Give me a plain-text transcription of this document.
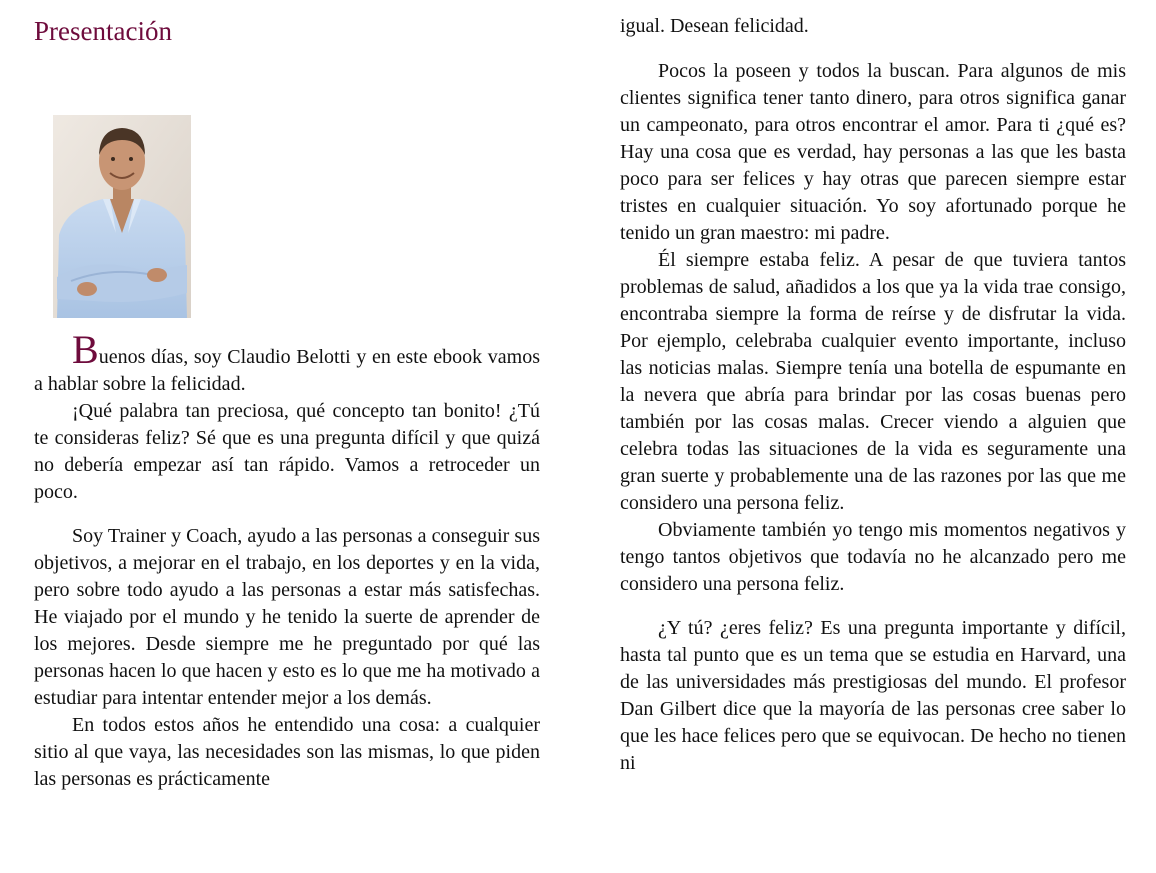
Presentación

Buenos días, soy Claudio Belotti y en este ebook vamos a hablar sobre la felicidad.

¡Qué palabra tan preciosa, qué concepto tan bonito! ¿Tú te consideras feliz? Sé que es una pregunta difícil y que quizá no debería empezar así tan rápido. Vamos a retroceder un poco.

Soy Trainer y Coach, ayudo a las personas a conseguir sus objetivos, a mejorar en el trabajo, en los deportes y en la vida, pero sobre todo ayudo a las personas a estar más satisfechas. He viajado por el mundo y he tenido la suerte de aprender de los mejores. Desde siempre me he preguntado por qué las personas hacen lo que hacen y esto es lo que me ha motivado a estudiar para intentar entender mejor a los demás.

En todos estos años he entendido una cosa: a cualquier sitio al que vaya, las necesidades son las mismas, lo que piden las personas es prácticamente

igual. Desean felicidad.

Pocos la poseen y todos la buscan. Para algunos de mis clientes significa tener tanto dinero, para otros significa ganar un campeonato, para otros encontrar el amor. Para ti ¿qué es? Hay una cosa que es verdad, hay personas a las que les basta poco para ser felices y hay otras que parecen siempre estar tristes en cualquier situación. Yo soy afortunado porque he tenido un gran maestro: mi padre.

Él siempre estaba feliz. A pesar de que tuviera tantos problemas de salud, añadidos a los que ya la vida trae consigo, encontraba siempre la forma de reírse y de disfrutar la vida. Por ejemplo, celebraba cualquier evento importante, incluso las noticias malas. Siempre tenía una botella de espumante en la nevera que abría para brindar por las cosas buenas pero también por las cosas malas. Crecer viendo a alguien que celebra todas las situaciones de la vida es seguramente una gran suerte y probablemente una de las razones por las que me considero una persona feliz.

Obviamente también yo tengo mis momentos negativos y tengo tantos objetivos que todavía no he alcanzado pero me considero una persona feliz.

¿Y tú? ¿eres feliz? Es una pregunta importante y difícil, hasta tal punto que es un tema que se estudia en Harvard, una de las universidades más prestigiosas del mundo. El profesor Dan Gilbert dice que la mayoría de las personas cree saber lo que les hace felices pero que se equivocan. De hecho no tienen ni
